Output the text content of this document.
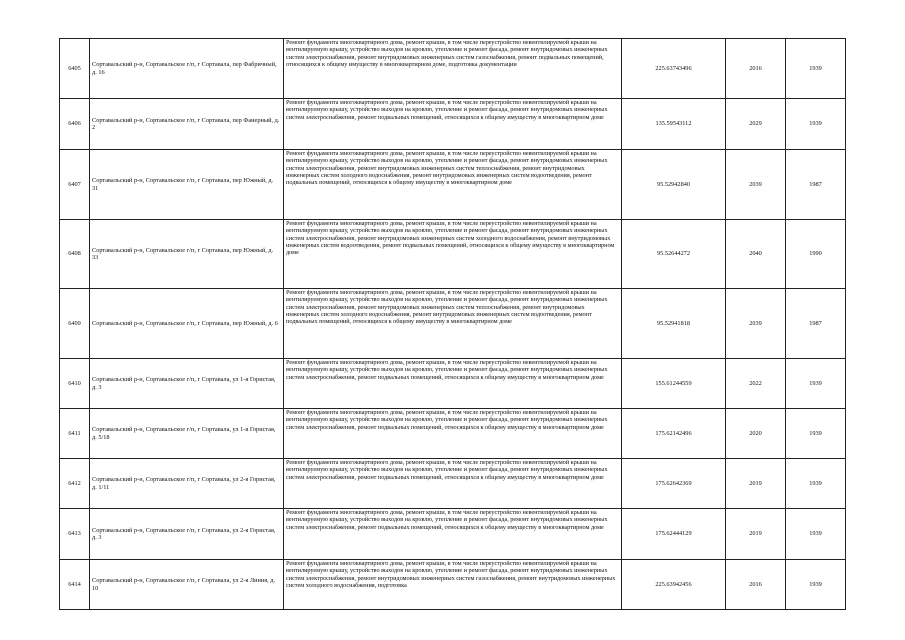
6405	Сортавальский р-н, Сортавальское г/п, г Сортавала, пер Фабричный, д. 16	Ремонт фундамента многоквартирного дома, ремонт крыши, в том числе переустройство невентилируемой крыши на вентилируемую крышу, устройство выходов на кровлю, утепление и ремонт фасада, ремонт внутридомовых инженерных систем электроснабжения, ремонт внутридомовых инженерных систем газоснабжения, ремонт подвальных помещений, относящихся к общему имуществу в многоквартирном доме, подготовка документации	225.63743496	2016	1939
6406	Сортавальский р-н, Сортавальское г/п, г Сортавала, пер Фанерный, д. 2	Ремонт фундамента многоквартирного дома, ремонт крыши, в том числе переустройство невентилируемой крыши на вентилируемую крышу, устройство выходов на кровлю, утепление и ремонт фасада, ремонт внутридомовых инженерных систем электроснабжения, ремонт подвальных помещений, относящихся к общему имуществу в многоквартирном доме	135.59543112	2029	1939
6407	Сортавальский р-н, Сортавальское г/п, г Сортавала, пер Южный, д. 31	Ремонт фундамента многоквартирного дома, ремонт крыши, в том числе переустройство невентилируемой крыши на вентилируемую крышу, устройство выходов на кровлю, утепление и ремонт фасада, ремонт внутридомовых инженерных систем электроснабжения, ремонт внутридомовых инженерных систем теплоснабжения, ремонт внутридомовых инженерных систем холодного водоснабжения, ремонт внутридомовых инженерных систем водоотведения, ремонт подвальных помещений, относящихся к общему имуществу в многоквартирном доме	95.52942840	2039	1987
6408	Сортавальский р-н, Сортавальское г/п, г Сортавала, пер Южный, д. 33	Ремонт фундамента многоквартирного дома, ремонт крыши, в том числе переустройство невентилируемой крыши на вентилируемую крышу, устройство выходов на кровлю, утепление и ремонт фасада, ремонт внутридомовых инженерных систем электроснабжения, ремонт внутридомовых инженерных систем холодного водоснабжения, ремонт внутридомовых инженерных систем водоотведения, ремонт подвальных помещений, относящихся к общему имуществу в многоквартирном доме	95.52644272	2040	1990
6409	Сортавальский р-н, Сортавальское г/п, г Сортавала, пер Южный, д. 6	Ремонт фундамента многоквартирного дома, ремонт крыши, в том числе переустройство невентилируемой крыши на вентилируемую крышу, устройство выходов на кровлю, утепление и ремонт фасада, ремонт внутридомовых инженерных систем электроснабжения, ремонт внутридомовых инженерных систем теплоснабжения, ремонт внутридомовых инженерных систем холодного водоснабжения, ремонт внутридомовых инженерных систем водоотведения, ремонт подвальных помещений, относящихся к общему имуществу в многоквартирном доме	95.52941818	2039	1987
6410	Сортавальский р-н, Сортавальское г/п, г Сортавала, ул 1-я Гористая, д. 3	Ремонт фундамента многоквартирного дома, ремонт крыши, в том числе переустройство невентилируемой крыши на вентилируемую крышу, устройство выходов на кровлю, утепление и ремонт фасада, ремонт внутридомовых инженерных систем электроснабжения, ремонт подвальных помещений, относящихся к общему имуществу в многоквартирном доме	155.61244559	2022	1939
6411	Сортавальский р-н, Сортавальское г/п, г Сортавала, ул 1-я Гористая, д. 5/18	Ремонт фундамента многоквартирного дома, ремонт крыши, в том числе переустройство невентилируемой крыши на вентилируемую крышу, устройство выходов на кровлю, утепление и ремонт фасада, ремонт внутридомовых инженерных систем электроснабжения, ремонт подвальных помещений, относящихся к общему имуществу в многоквартирном доме	175.62142496	2020	1939
6412	Сортавальский р-н, Сортавальское г/п, г Сортавала, ул 2-я Гористая, д. 1/11	Ремонт фундамента многоквартирного дома, ремонт крыши, в том числе переустройство невентилируемой крыши на вентилируемую крышу, устройство выходов на кровлю, утепление и ремонт фасада, ремонт внутридомовых инженерных систем электроснабжения, ремонт подвальных помещений, относящихся к общему имуществу в многоквартирном доме	175.62642369	2019	1939
6413	Сортавальский р-н, Сортавальское г/п, г Сортавала, ул 2-я Гористая, д. 3	Ремонт фундамента многоквартирного дома, ремонт крыши, в том числе переустройство невентилируемой крыши на вентилируемую крышу, устройство выходов на кровлю, утепление и ремонт фасада, ремонт внутридомовых инженерных систем электроснабжения, ремонт подвальных помещений, относящихся к общему имуществу в многоквартирном доме	175.62444129	2019	1939
6414	Сортавальский р-н, Сортавальское г/п, г Сортавала, ул 2-я Линия, д. 10	Ремонт фундамента многоквартирного дома, ремонт крыши, в том числе переустройство невентилируемой крыши на вентилируемую крышу, устройство выходов на кровлю, утепление и ремонт фасада, ремонт внутридомовых инженерных систем электроснабжения, ремонт внутридомовых инженерных систем газоснабжения, ремонт внутридомовых инженерных систем холодного водоснабжения, подготовка	225.63942456	2016	1939
